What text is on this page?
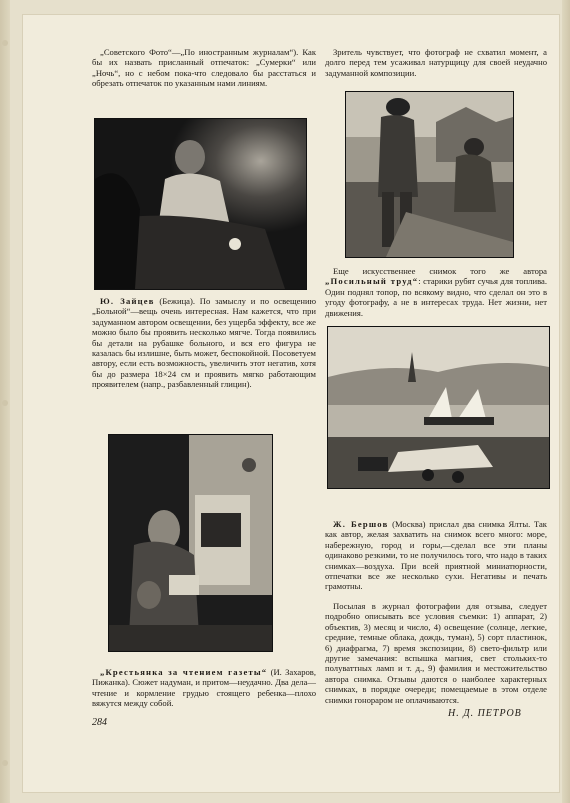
„Советского Фото“—„По иностранным журналам“). Как бы их назвать присланный отпечаток: „Сумерки“ или „Ночь“, но с небом пока-что следовало бы расстаться и обрезать отпечаток по указанным нами линиям.

Ю. Зайцев (Бежица). По замыслу и по освещению „Больной“—вещь очень интересная. Нам кажется, что при задуманном автором освещении, без ущерба эффекту, все же можно было бы проявить несколько мягче. Тогда появились бы детали на рубашке больного, и вся его фигура не казалась бы излишне, быть может, беспокойной. Посоветуем автору, если есть возможность, увеличить этот негатив, хотя бы до размера 18×24 см и проявить мягко работающим проявителем (напр., разбавленный глицин).

„Крестьянка за чтением газеты“ (И. Захаров, Пижанка). Сюжет надуман, и притом—неудачно. Два дела—чтение и кормление грудью стоящего ребенка—плохо вяжутся между собой.

284

Зритель чувствует, что фотограф не схватил момент, а долго перед тем усаживал натурщицу для своей неудачно задуманной композиции.

Еще искусственнее снимок того же автора „Посильный труд“: старики рубят сучья для топлива. Один поднял топор, по всякому видно, что сделал он это в угоду фотографу, а не в интересах труда. Нет жизни, нет движения.

Ж. Бершов (Москва) прислал два снимка Ялты. Так как автор, желая захватить на снимок всего много: море, набережную, город и горы,—сделал все эти планы одинаково резкими, то не получилось того, что надо в таких снимках—воздуха. При всей приятной миниатюрности, отпечатки все же несколько сухи. Негативы и печать грамотны.

Посылая в журнал фотографии для отзыва, следует подробно описывать все условия съемки: 1) аппарат, 2) объектив, 3) месяц и число, 4) освещение (солнце, легкие, средние, темные облака, дождь, туман), 5) сорт пластинок, 6) диафрагма, 7) время экспозиции, 8) свето-фильтр или другие замечания: вспышка магния, свет стольких-то полуваттных ламп и т. д., 9) фамилия и местожительство автора снимка. Отзывы даются о наиболее характерных снимках, в порядке очереди; помещаемые в этом отделе снимки гонораром не оплачиваются.

Н. Д. ПЕТРОВ
